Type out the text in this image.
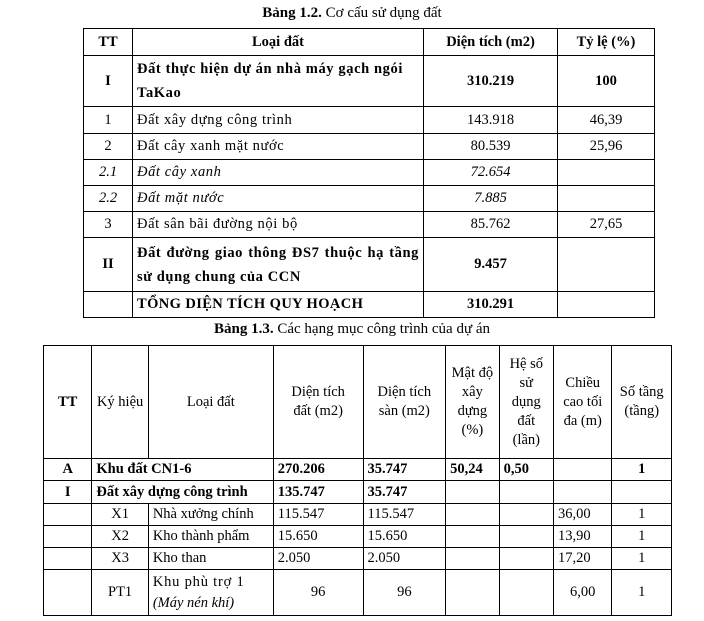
Bảng 1.2. Cơ cấu sử dụng đất
TT	Loại đất	Diện tích (m2)	Tỷ lệ (%)
I	Đất thực hiện dự án nhà máy gạch ngói TaKao	310.219	100
1	Đất xây dựng công trình	143.918	46,39
2	Đất cây xanh mặt nước	80.539	25,96
2.1	Đất cây xanh	72.654	
2.2	Đất mặt nước	7.885	
3	Đất sân bãi đường nội bộ	85.762	27,65
II	Đất đường giao thông ĐS7 thuộc hạ tầng sử dụng chung của CCN	9.457	
	TỔNG DIỆN TÍCH QUY HOẠCH	310.291	
Bảng 1.3. Các hạng mục công trình của dự án
TT	Ký hiệu	Loại đất	Diện tích đất (m2)	Diện tích sàn (m2)	Mật độ xây dựng (%)	Hệ số sử dụng đất (lần)	Chiều cao tối đa (m)	Số tầng (tầng)
A	Khu đất CN1-6		270.206	35.747	50,24	0,50		1
I	Đất xây dựng công trình		135.747	35.747				
	X1	Nhà xưởng chính	115.547	115.547			36,00	1
	X2	Kho thành phẩm	15.650	15.650			13,90	1
	X3	Kho than	2.050	2.050			17,20	1
	PT1	Khu phù trợ 1
(Máy nén khí)	96	96			6,00	1
